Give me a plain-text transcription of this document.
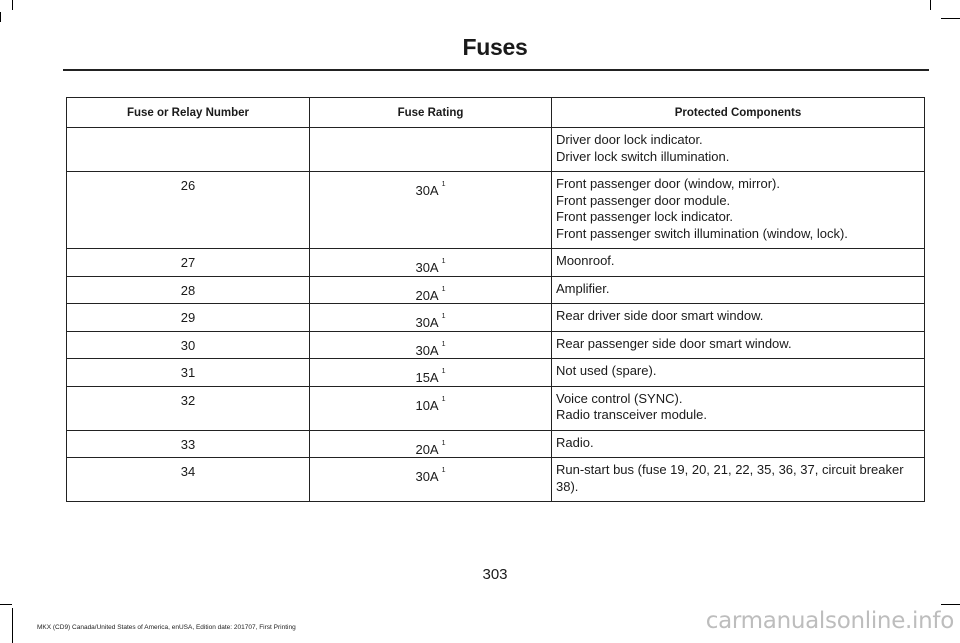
Fuses
Fuse or Relay Number	Fuse Rating	Protected Components

		Driver door lock indicator.
Driver lock switch illumination.

26	30A $^1$	Front passenger door (window, mirror).
Front passenger door module.
Front passenger lock indicator.
Front passenger switch illumination (window, lock).

27	30A $^1$	Moonroof.

28	20A $^1$	Amplifier.

29	30A $^1$	Rear driver side door smart window.

30	30A $^1$	Rear passenger side door smart window.

31	15A $^1$	Not used (spare).

32	10A $^1$	Voice control (SYNC).
Radio transceiver module.

33	20A $^1$	Radio.

34	30A $^1$	Run-start bus (fuse 19, 20, 21, 22, 35, 36, 37, circuit breaker
38).
303
MKX (CD9) Canada/United States of America, enUSA, Edition date: 201707, First Printing	carmanualsonline.info
